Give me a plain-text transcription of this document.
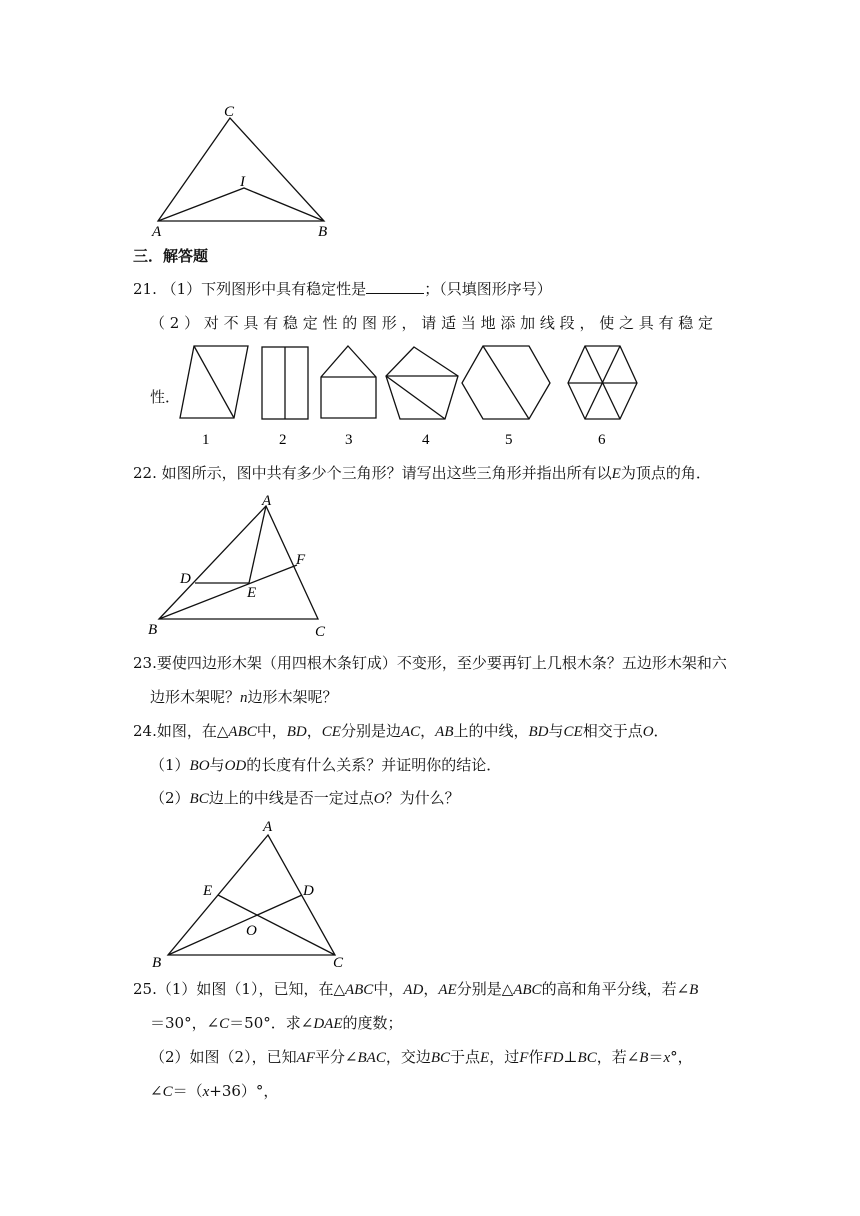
C
I
A	B
三．解答题
21. （1）下列图形中具有稳定性是	；（只填图形序号）
（ 2 ） 对 不 具 有 稳 定 性 的 图 形 ， 请 适 当 地 添 加 线 段 ， 使 之 具 有 稳 定
性．
1	2	3	4	5	6
22. 如图所示，图中共有多少个三角形？请写出这些三角形并指出所有以E为顶点的角．
A
D
E
F
B	C
23.要使四边形木架（用四根木条钉成）不变形，至少要再钉上几根木条？五边形木架和六
边形木架呢？n边形木架呢？
24.如图，在△ABC中，BD，CE分别是边AC，AB上的中线，BD与CE相交于点O．
（1）BO与OD的长度有什么关系？并证明你的结论．
（2）BC边上的中线是否一定过点O？为什么？
A
E	D
O
B	C
25.（1）如图（1），已知，在△ABC中，AD，AE分别是△ABC的高和角平分线，若∠B
＝30°，∠C＝50°．求∠DAE的度数；
（2）如图（2），已知AF平分∠BAC，交边BC于点E，过F作FD⊥BC，若∠B＝x°，
∠C＝（x+36）°，
